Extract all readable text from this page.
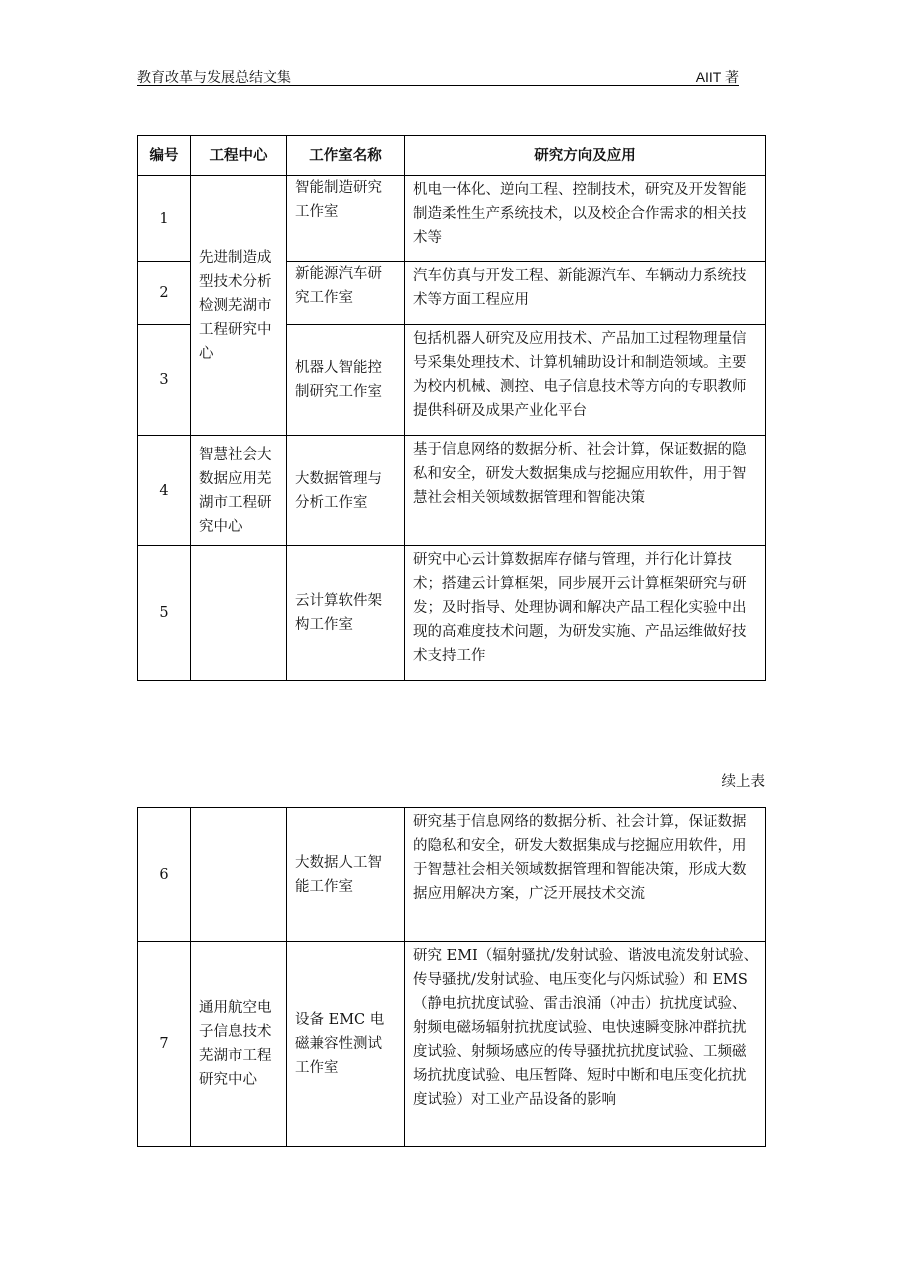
教育改革与发展总结文集	AIIT 著
编号	工程中心	工作室名称	研究方向及应用
1	先进制造成型技术分析检测芜湖市工程研究中心	智能制造研究工作室	机电一体化、逆向工程、控制技术，研究及开发智能制造柔性生产系统技术，以及校企合作需求的相关技术等
2		新能源汽车研究工作室	汽车仿真与开发工程、新能源汽车、车辆动力系统技术等方面工程应用
3		机器人智能控制研究工作室	包括机器人研究及应用技术、产品加工过程物理量信号采集处理技术、计算机辅助设计和制造领域。主要为校内机械、测控、电子信息技术等方向的专职教师提供科研及成果产业化平台
4	智慧社会大数据应用芜湖市工程研究中心	大数据管理与分析工作室	基于信息网络的数据分析、社会计算，保证数据的隐私和安全，研发大数据集成与挖掘应用软件，用于智慧社会相关领域数据管理和智能决策
5		云计算软件架构工作室	研究中心云计算数据库存储与管理，并行化计算技术；搭建云计算框架，同步展开云计算框架研究与研发；及时指导、处理协调和解决产品工程化实验中出现的高难度技术问题，为研发实施、产品运维做好技术支持工作
续上表
6		大数据人工智能工作室	研究基于信息网络的数据分析、社会计算，保证数据的隐私和安全，研发大数据集成与挖掘应用软件，用于智慧社会相关领域数据管理和智能决策，形成大数据应用解决方案，广泛开展技术交流
7	通用航空电子信息技术芜湖市工程研究中心	设备 EMC 电磁兼容性测试工作室	研究 EMI（辐射骚扰/发射试验、谐波电流发射试验、传导骚扰/发射试验、电压变化与闪烁试验）和 EMS（静电抗扰度试验、雷击浪涌（冲击）抗扰度试验、射频电磁场辐射抗扰度试验、电快速瞬变脉冲群抗扰度试验、射频场感应的传导骚扰抗扰度试验、工频磁场抗扰度试验、电压暂降、短时中断和电压变化抗扰度试验）对工业产品设备的影响
